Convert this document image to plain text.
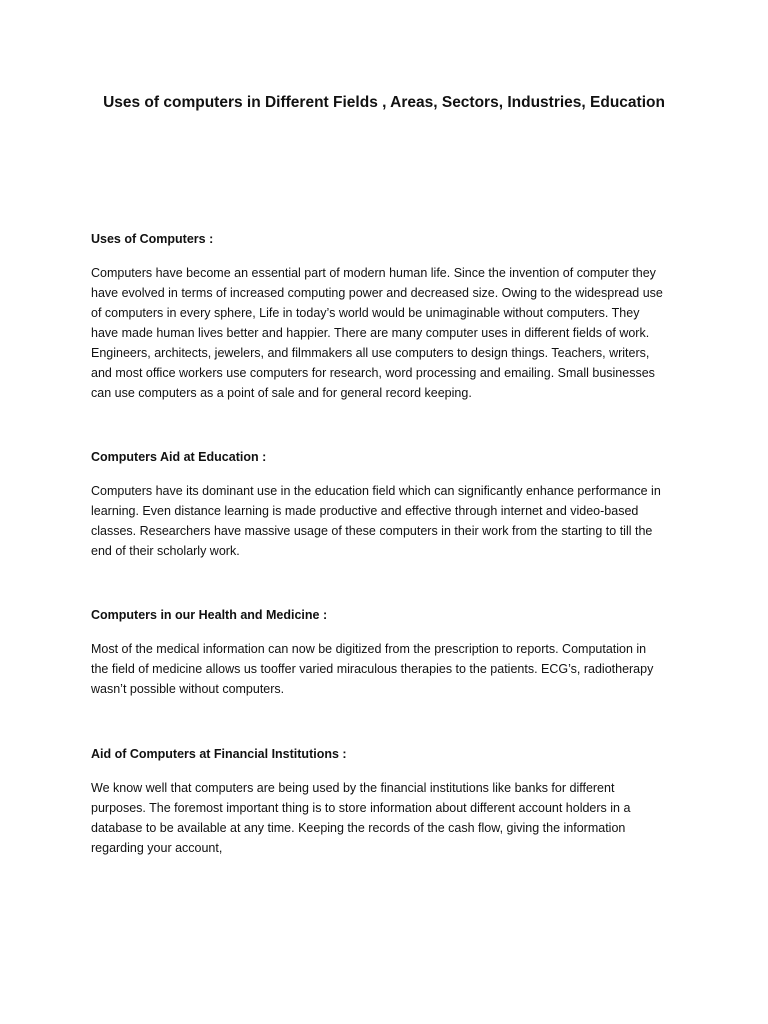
Uses of computers in Different Fields , Areas, Sectors, Industries, Education
Uses of Computers :

Computers have become an essential part of modern human life. Since the invention of computer they
have evolved in terms of increased computing power and decreased size. Owing to the widespread use
of computers in every sphere, Life in today’s world would be unimaginable without computers. They
have made human lives better and happier. There are many computer uses in different fields of work.
Engineers, architects, jewelers, and filmmakers all use computers to design things. Teachers, writers,
and most office workers use computers for research, word processing and emailing. Small businesses
can use computers as a point of sale and for general record keeping.

Computers Aid at Education :

Computers have its dominant use in the education field which can significantly enhance performance in
learning. Even distance learning is made productive and effective through internet and video-based
classes. Researchers have massive usage of these computers in their work from the starting to till the
end of their scholarly work.

Computers in our Health and Medicine :

Most of the medical information can now be digitized from the prescription to reports. Computation in
the field of medicine allows us tooffer varied miraculous therapies to the patients. ECG’s, radiotherapy
wasn’t possible without computers.

Aid of Computers at Financial Institutions :

We know well that computers are being used by the financial institutions like banks for different
purposes. The foremost important thing is to store information about different account holders in a
database to be available at any time. Keeping the records of the cash flow, giving the information
regarding your account,
